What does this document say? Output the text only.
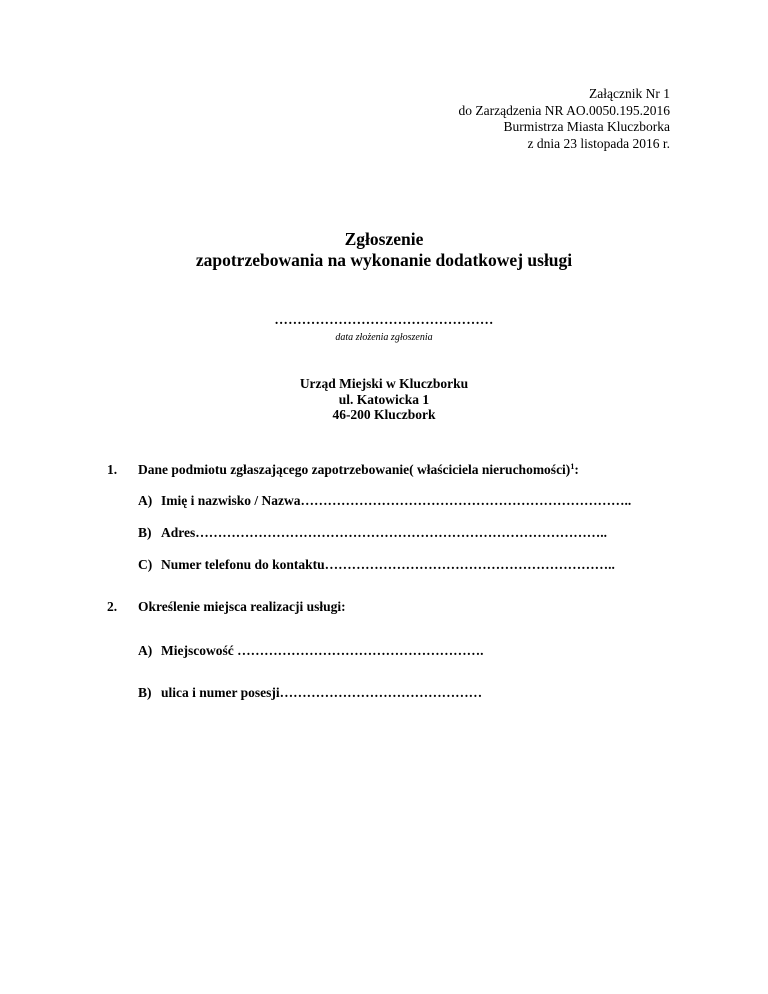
Załącznik Nr 1
do Zarządzenia NR AO.0050.195.2016
Burmistrza Miasta Kluczborka
z dnia 23 listopada 2016 r.
Zgłoszenie
zapotrzebowania na wykonanie dodatkowej usługi
…………………………………………
data złożenia zgłoszenia
Urząd Miejski w Kluczborku
ul. Katowicka 1
46-200 Kluczbork
1. Dane podmiotu zgłaszającego zapotrzebowanie( właściciela nieruchomości)$^1$:
A) Imię i nazwisko / Nazwa………………………………………………………………..
B) Adres………………………………………………………………………………..
C) Numer telefonu do kontaktu………………………………………………………..
2. Określenie miejsca realizacji usługi:
A) Miejscowość ……………………………………………….
B) ulica i numer posesji………………………………………
